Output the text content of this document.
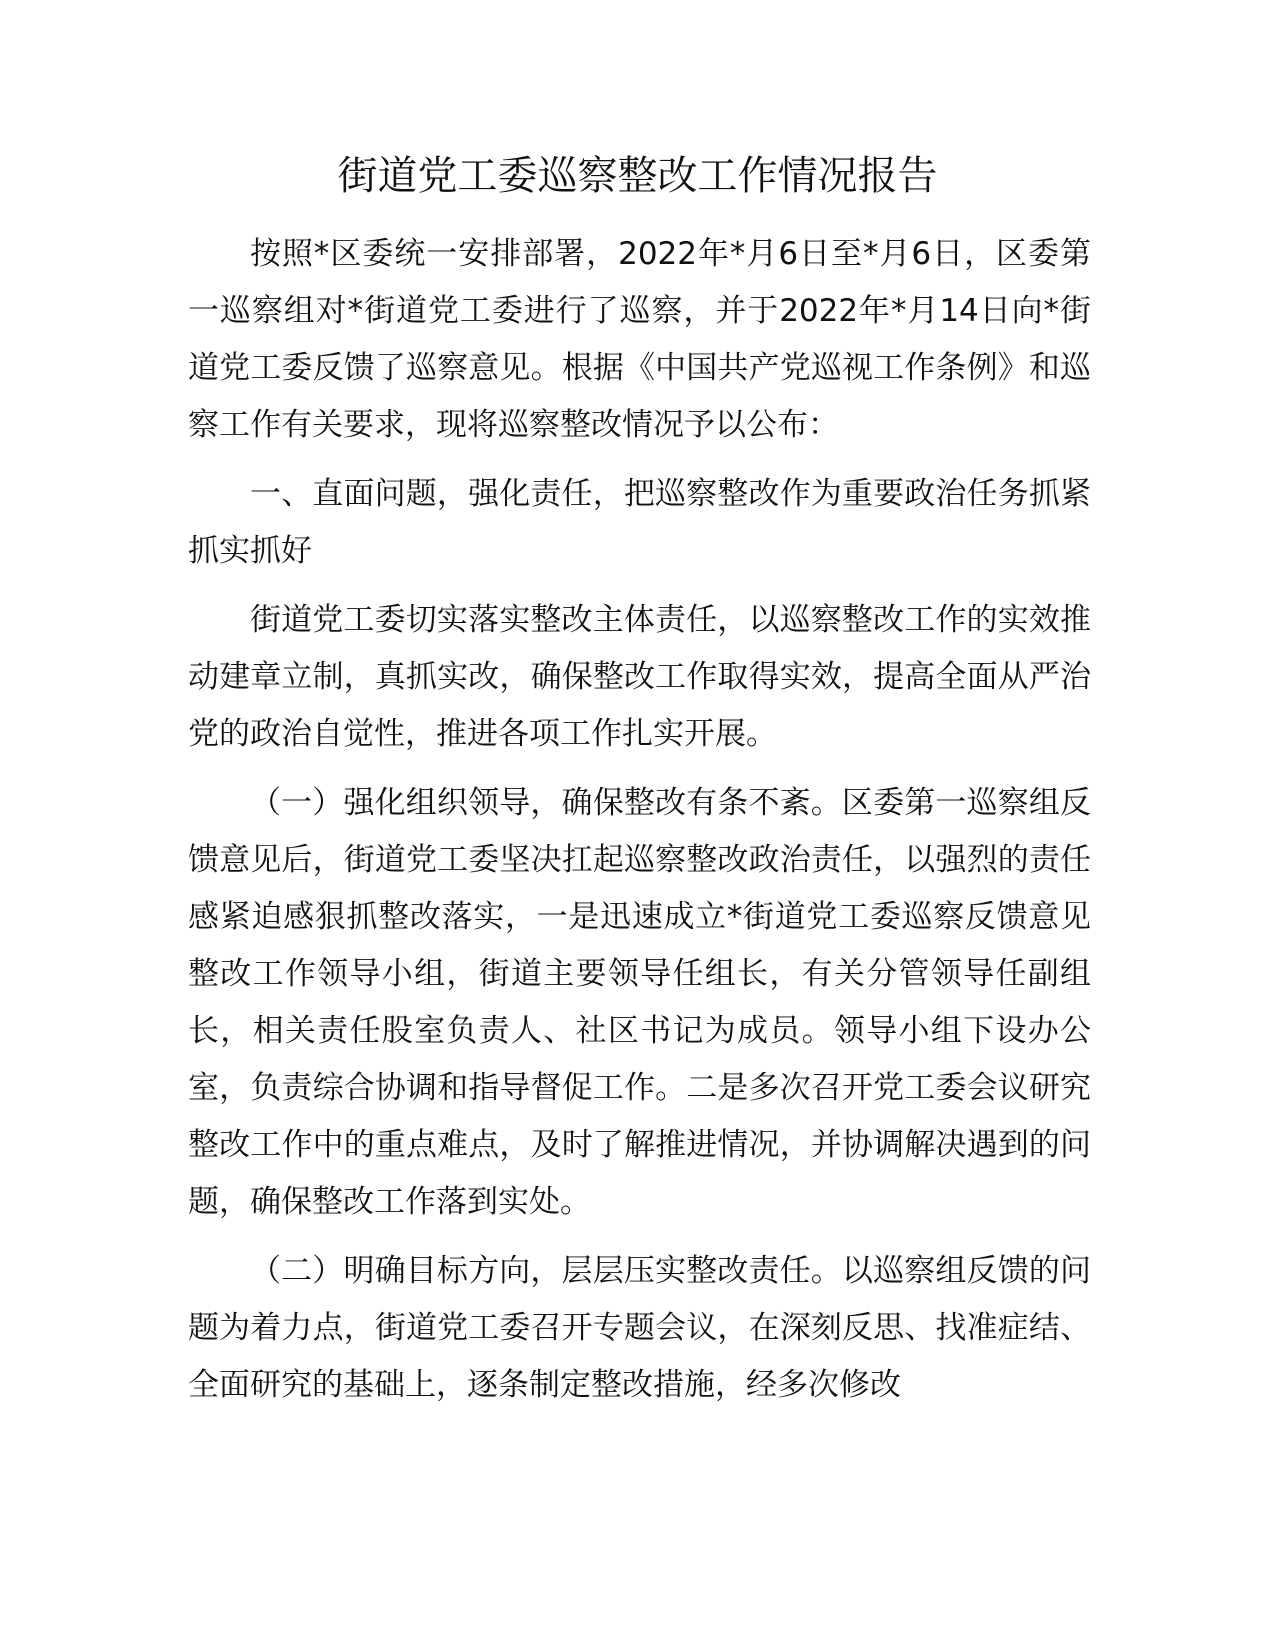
街道党工委巡察整改工作情况报告

按照*区委统一安排部署，2022年*月6日至*月6日，区委第一巡察组对*街道党工委进行了巡察，并于2022年*月14日向*街道党工委反馈了巡察意见。根据《中国共产党巡视工作条例》和巡察工作有关要求，现将巡察整改情况予以公布：

一、直面问题，强化责任，把巡察整改作为重要政治任务抓紧抓实抓好

街道党工委切实落实整改主体责任，以巡察整改工作的实效推动建章立制，真抓实改，确保整改工作取得实效，提高全面从严治党的政治自觉性，推进各项工作扎实开展。

（一）强化组织领导，确保整改有条不紊。区委第一巡察组反馈意见后，街道党工委坚决扛起巡察整改政治责任，以强烈的责任感紧迫感狠抓整改落实，一是迅速成立*街道党工委巡察反馈意见整改工作领导小组，街道主要领导任组长，有关分管领导任副组长，相关责任股室负责人、社区书记为成员。领导小组下设办公室，负责综合协调和指导督促工作。二是多次召开党工委会议研究整改工作中的重点难点，及时了解推进情况，并协调解决遇到的问题，确保整改工作落到实处。

（二）明确目标方向，层层压实整改责任。以巡察组反馈的问题为着力点，街道党工委召开专题会议，在深刻反思、找准症结、全面研究的基础上，逐条制定整改措施，经多次修改
